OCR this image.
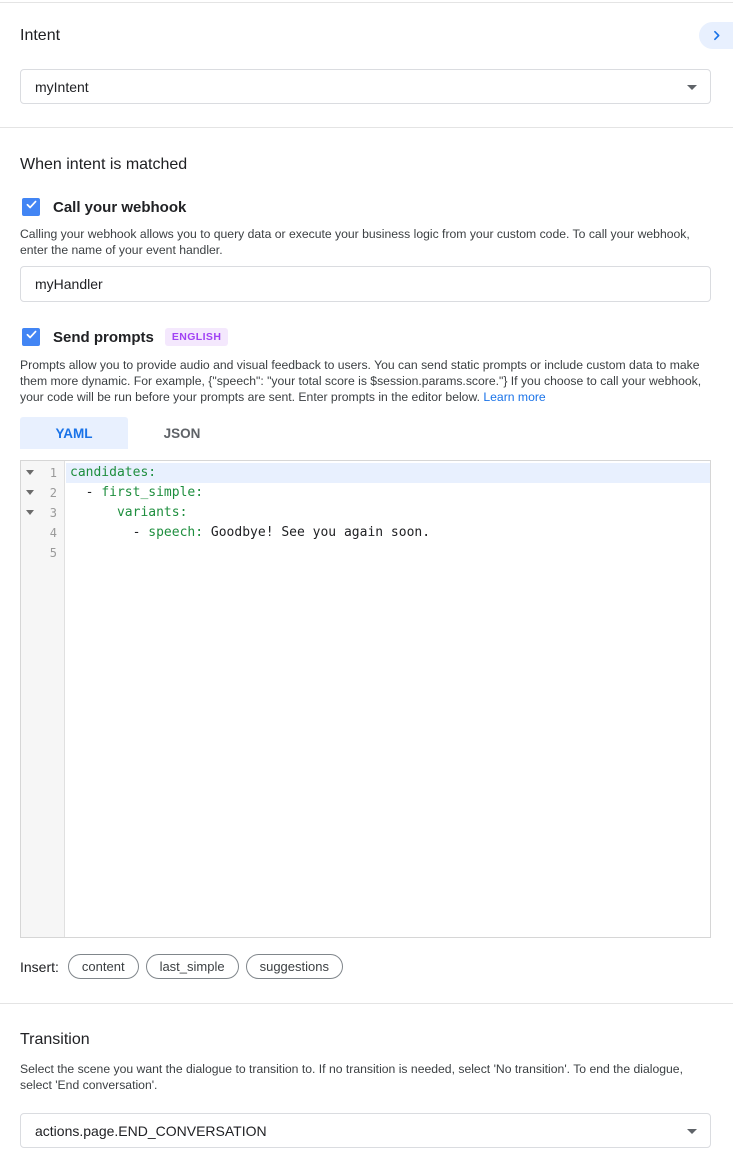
Intent
myIntent
When intent is matched
Call your webhook
Calling your webhook allows you to query data or execute your business logic from your custom code. To call your webhook, enter the name of your event handler.
myHandler
Send prompts	ENGLISH
Prompts allow you to provide audio and visual feedback to users. You can send static prompts or include custom data to make them more dynamic. For example, {"speech": "your total score is $session.params.score."} If you choose to call your webhook, your code will be run before your prompts are sent. Enter prompts in the editor below. Learn more
YAML	JSON
1	candidates:
2	- first_simple:
3	variants:
4	- speech: Goodbye! See you again soon.
5
Insert:	content	last_simple	suggestions
Transition
Select the scene you want the dialogue to transition to. If no transition is needed, select 'No transition'. To end the dialogue, select 'End conversation'.
actions.page.END_CONVERSATION
